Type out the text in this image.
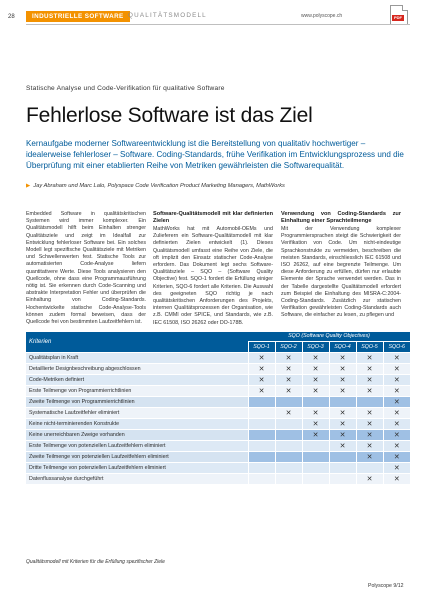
28	INDUSTRIELLE SOFTWARE QUALITÄTSMODELL	www.polyscope.ch	PDF
Statische Analyse und Code-Verifikation für qualitative Software
Fehlerlose Software ist das Ziel

Kernaufgabe moderner Softwareentwicklung ist die Bereitstellung von qualitativ hochwertiger – idealerweise fehlerloser – Software. Coding-Standards, frühe Verifikation im Entwicklungsprozess und die Überprüfung mit einer etablierten Reihe von Metriken gewährleisten die Softwarequalität.

▶ Jay Abraham und Marc Lalo, Polyspace Code Verification Product Marketing Managers, MathWorks

Embedded Software in qualitätskritischen Systemen wird immer komplexer. Ein Qualitätsmodell hilft beim Einhalten strenger Qualitätsziele und zeigt im Idealfall zur Entwicklung fehlerloser Software bei. Ein solches Modell legt spezifische Qualitätsziele mit Metriken und Schwellenwerten fest. Statische Tools zur automatisierten Code-Analyse liefern quantitativere Werte. Diese Tools analysieren den Quellcode, ohne dass eine Programmausführung nötig ist. Sie erkennen durch Code-Scanning und abstrakte Interpretation Fehler und überprüfen die Einhaltung von Coding-Standards. Hochentwickelte statische Code-Analyse-Tools können zudem formal beweisen, dass der Quellcode frei von bestimmten Laufzeitfehlern ist.

Software-Qualitätsmodell mit klar definierten Zielen

MathWorks hat mit Automobil-OEMs und Zulieferern ein Software-Qualitätsmodell mit klar definierten Zielen entwickelt (1). Dieses Qualitätsmodell umfasst eine Reihe von Ziele, die oft implizit den Einsatz statischer Code-Analyse erfordern. Das Dokument legt sechs Software-Qualitätsziele – SQO – (Software Quality Objective) fest. SQO-1 fordert die Erfüllung einiger Kriterien, SQO-6 fordert alle Kriterien. Die Auswahl des geeigneten SQO richtig je nach qualitätskritischen Anforderungen des Projekts, internen Qualitätsprozessen der Organisation, wie z.B. CMMI oder SPICE, und Standards, wie z.B. IEC 61508, ISO 26262 oder DO-178B.

Verwendung von Coding-Standards zur Einhaltung einer Sprachteilmenge

Mit der Verwendung komplexer Programmiersprachen steigt die Schwierigkeit der Verifikation von Code. Um nicht-eindeutige Sprachkonstrukte zu vermeiden, beschreiben die meisten Standards, einschliesslich IEC 61508 und ISO 26262, auf eine begrenzte Teilmenge. Um diese Anforderung zu erfüllen, dürfen nur erlaubte Elemente der Sprache verwendet werden. Das in der Tabelle dargestellte Qualitätsmodell erfordert zum Beispiel die Einhaltung des MISRA-C:2004-Coding-Standards. Zusätzlich zur statischen Verifikation gewährleisten Coding-Standards auch Software, die einfacher zu lesen, zu pflegen und

Kriterien	SQO (Software Quality Objectives)					
	SQO-1	SQO-2	SQO-3	SQO-4	SQO-5	SQO-6
Qualitätsplan in Kraft	✕	✕	✕	✕	✕	✕
Detaillierte Designbeschreibung abgeschlossen	✕	✕	✕	✕	✕	✕
Code-Metriken definiert	✕	✕	✕	✕	✕	✕
Erste Teilmenge von Programmierrichtlinien	✕	✕	✕	✕	✕	✕
Zweite Teilmenge von Programmierrichtlinien						✕
Systematische Laufzeitfehler eliminiert		✕	✕	✕	✕	✕
Keine nicht-terminierenden Konstrukte			✕	✕	✕	✕
Keine unerreichbaren Zweige vorhanden			✕	✕	✕	✕
Erste Teilmenge von potenziellen Laufzeitfehlern eliminiert				✕	✕	✕
Zweite Teilmenge von potenziellen Laufzeitfehlern eliminiert					✕	✕
Dritte Teilmenge von potenziellen Laufzeitfehlern eliminiert						✕
Datenflussanalyse durchgeführt					✕	✕
Qualitätsmodell mit Kriterien für die Erfüllung spezifischer Ziele
Polyscope 9/12
